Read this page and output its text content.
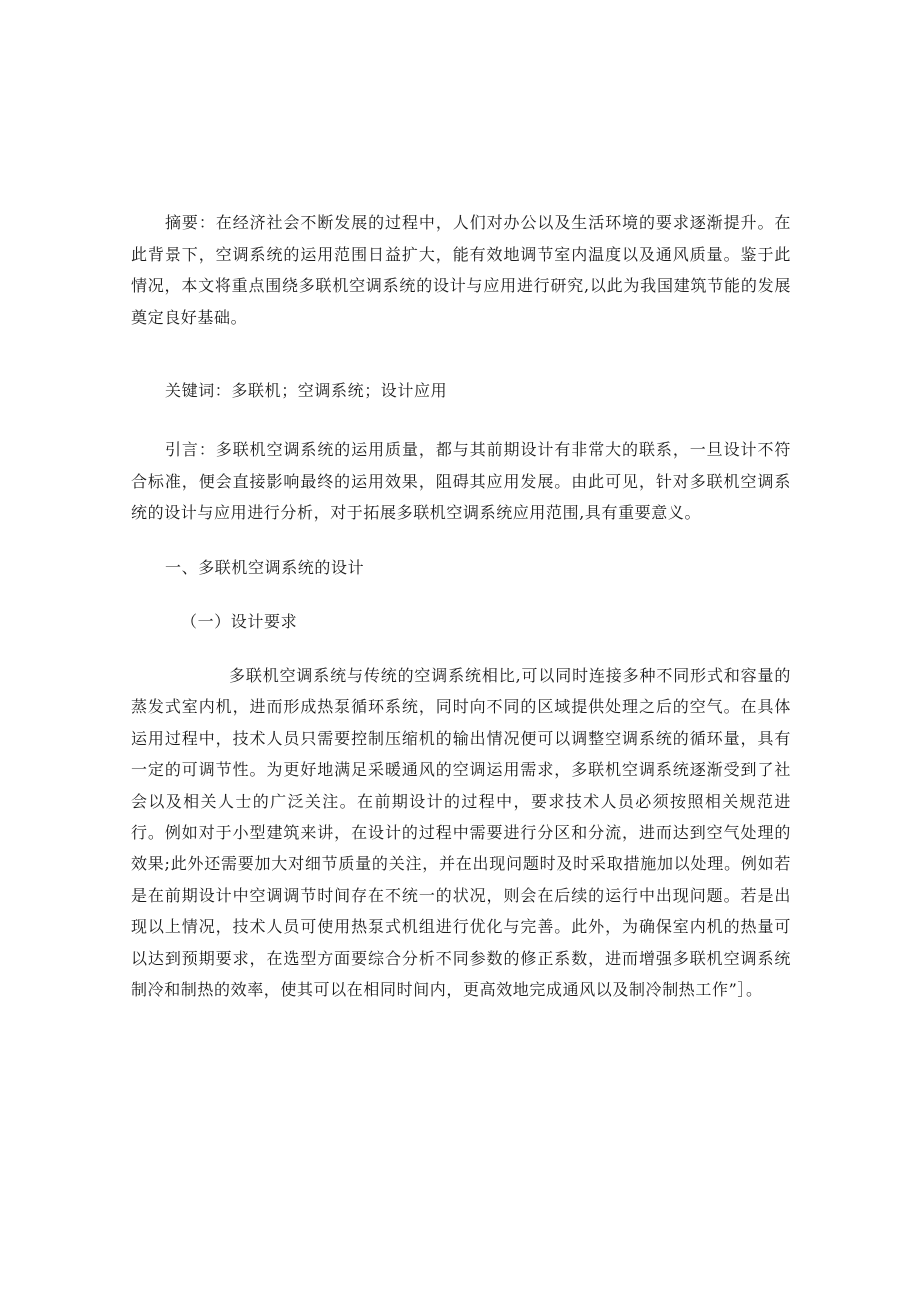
摘要：在经济社会不断发展的过程中，人们对办公以及生活环境的要求逐渐提升。在此背景下，空调系统的运用范围日益扩大，能有效地调节室内温度以及通风质量。鉴于此情况，本文将重点围绕多联机空调系统的设计与应用进行研究,以此为我国建筑节能的发展奠定良好基础。

关键词：多联机；空调系统；设计应用

引言：多联机空调系统的运用质量，都与其前期设计有非常大的联系，一旦设计不符合标准，便会直接影响最终的运用效果，阻碍其应用发展。由此可见，针对多联机空调系统的设计与应用进行分析，对于拓展多联机空调系统应用范围,具有重要意义。

一、多联机空调系统的设计
（一）设计要求

多联机空调系统与传统的空调系统相比,可以同时连接多种不同形式和容量的蒸发式室内机，进而形成热泵循环系统，同时向不同的区域提供处理之后的空气。在具体运用过程中，技术人员只需要控制压缩机的输出情况便可以调整空调系统的循环量，具有一定的可调节性。为更好地满足采暖通风的空调运用需求，多联机空调系统逐渐受到了社会以及相关人士的广泛关注。在前期设计的过程中，要求技术人员必须按照相关规范进行。例如对于小型建筑来讲，在设计的过程中需要进行分区和分流，进而达到空气处理的效果;此外还需要加大对细节质量的关注，并在出现问题时及时采取措施加以处理。例如若是在前期设计中空调调节时间存在不统一的状况，则会在后续的运行中出现问题。若是出现以上情况，技术人员可使用热泵式机组进行优化与完善。此外，为确保室内机的热量可以达到预期要求，在选型方面要综合分析不同参数的修正系数，进而增强多联机空调系统制冷和制热的效率，使其可以在相同时间内，更高效地完成通风以及制冷制热工作”］。
